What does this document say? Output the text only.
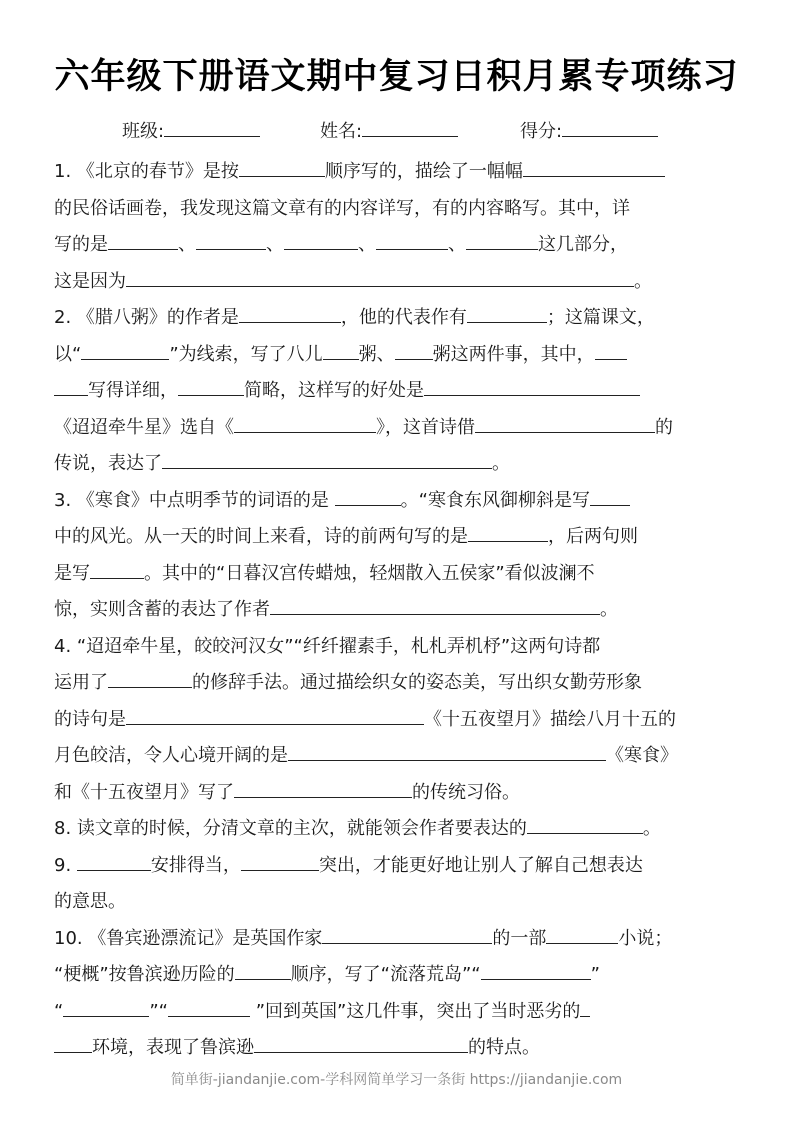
六年级下册语文期中复习日积月累专项练习
班级:	姓名:	得分:
1. 《北京的春节》是按	顺序写的，描绘了一幅幅
的民俗话画卷，我发现这篇文章有的内容详写，有的内容略写。其中，详
写的是	、	、	、	、	这几部分，
这是因为	。
2. 《腊八粥》的作者是	，他的代表作有	；这篇课文，
以“	”为线索，写了八儿 粥、 粥这两件事，其中，
写得详细，	简略，这样写的好处是
《迢迢牵牛星》选自《	》，这首诗借	的
传说，表达了	。
3. 《寒食》中点明季节的词语的是	。“寒食东风御柳斜是写
中的风光。从一天的时间上来看，诗的前两句写的是	，后两句则
是写	。其中的“日暮汉宫传蜡烛，轻烟散入五侯家”看似波澜不
惊，实则含蓄的表达了作者	。
4. “迢迢牵牛星，皎皎河汉女”“纤纤擢素手，札札弄机杼”这两句诗都
运用了	的修辞手法。通过描绘织女的姿态美，写出织女勤劳形象
的诗句是	《十五夜望月》描绘八月十五的
月色皎洁，令人心境开阔的是	《寒食》
和《十五夜望月》写了	的传统习俗。
8. 读文章的时候，分清文章的主次，就能领会作者要表达的	。
9.	安排得当，	突出，才能更好地让别人了解自己想表达
的意思。
10. 《鲁宾逊漂流记》是英国作家	的一部	小说；
“梗概”按鲁滨逊历险的	顺序，写了“流落荒岛”“	”
“	”“	”回到英国”这几件事，突出了当时恶劣的
环境，表现了鲁滨逊	的特点。
简单街-jiandanjie.com-学科网简单学习一条街 https://jiandanjie.com
